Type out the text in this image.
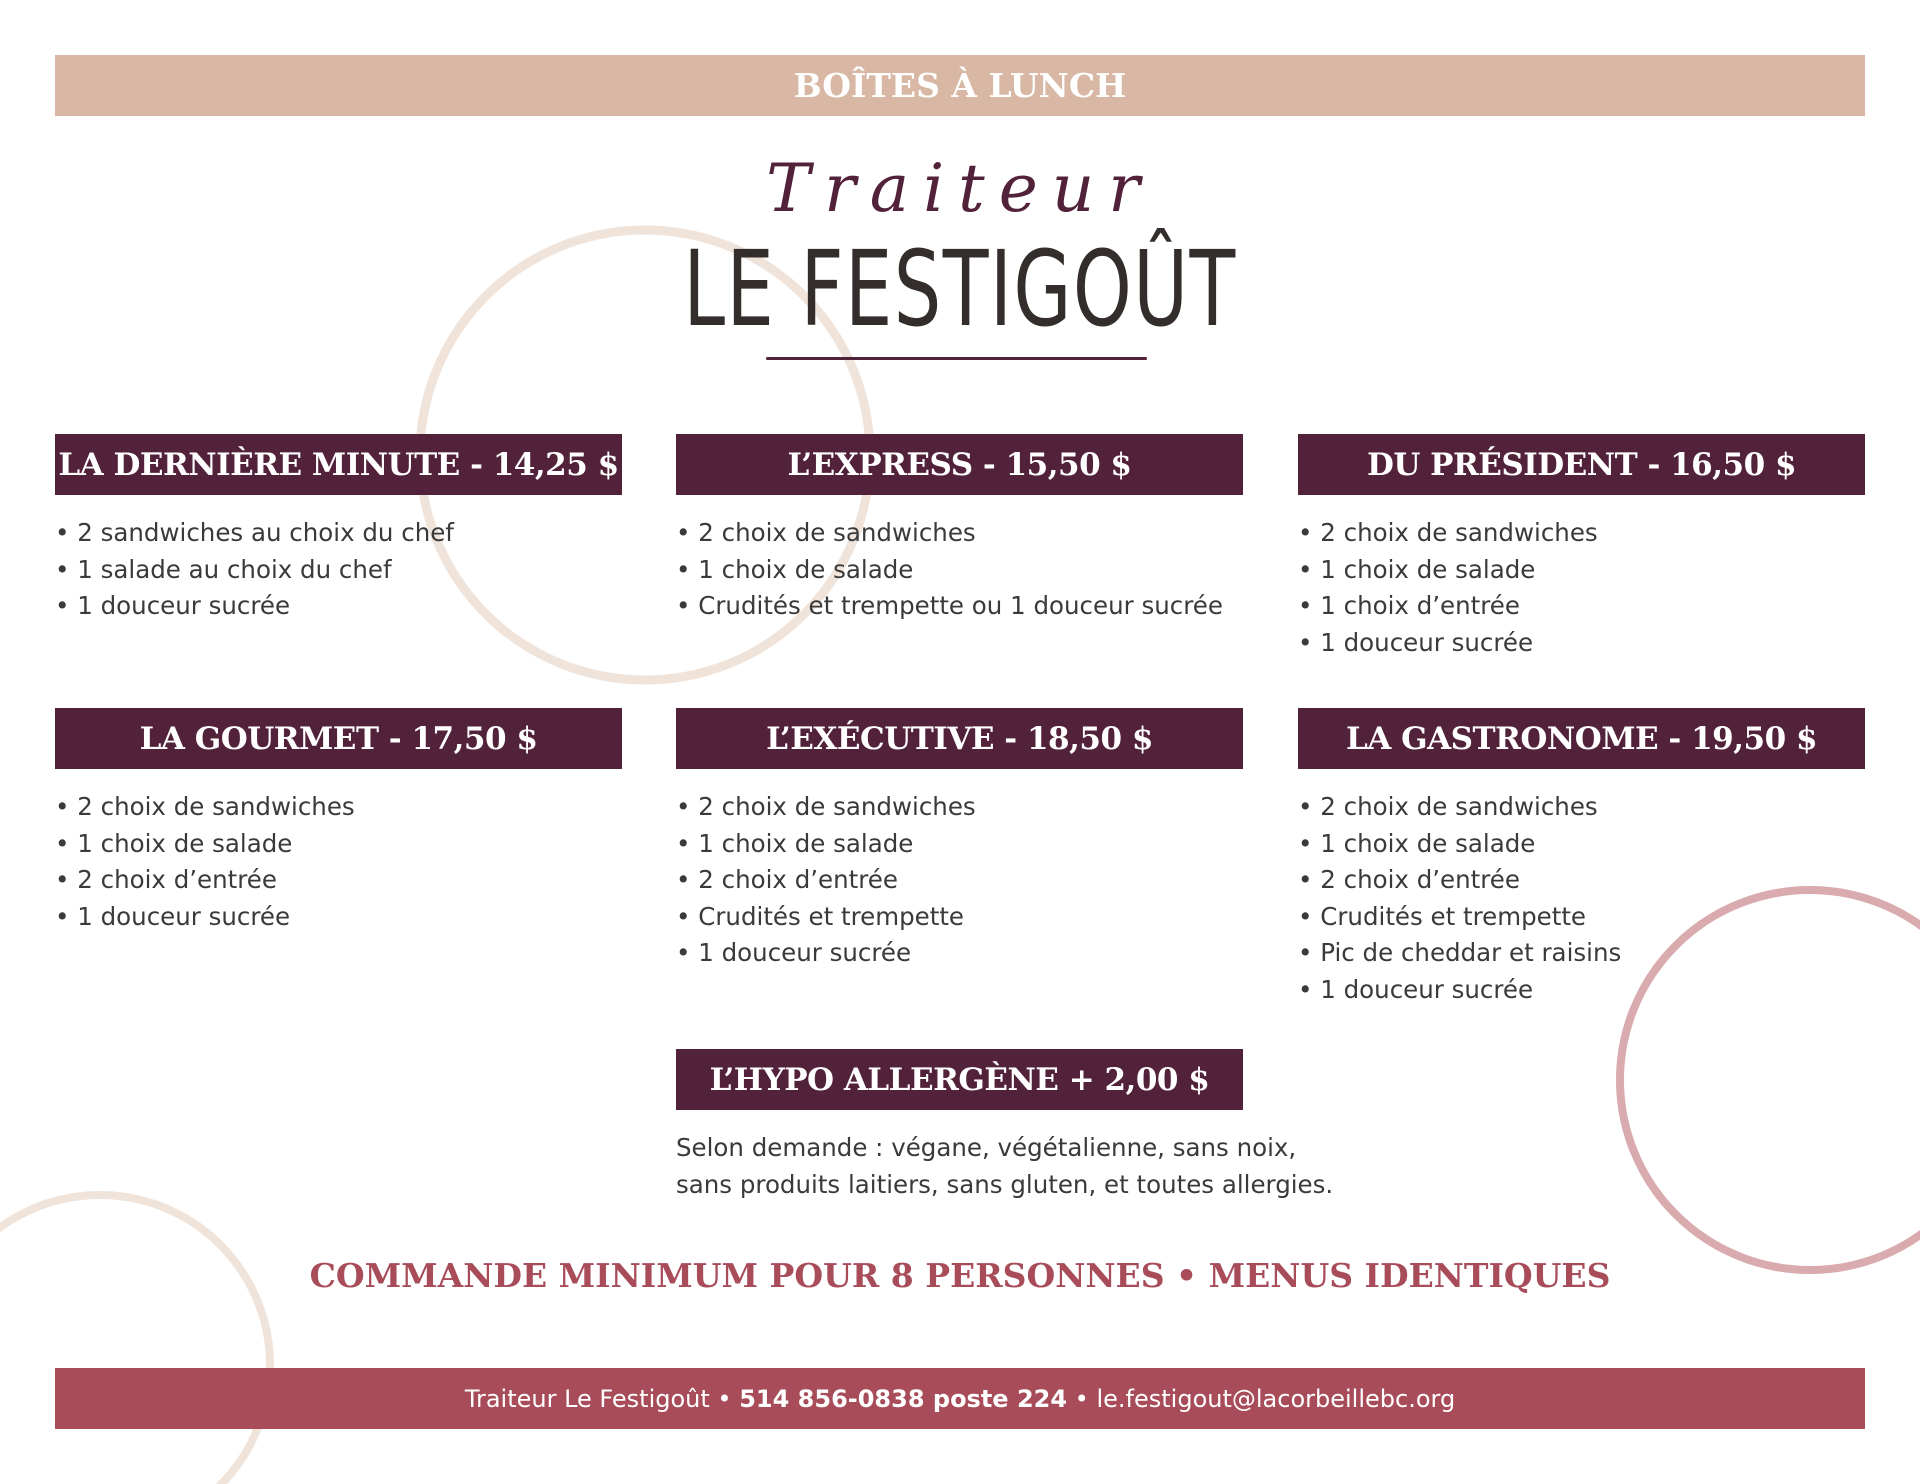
BOÎTES À LUNCH
Traiteur
LE FESTIGOÛT
LA DERNIÈRE MINUTE - 14,25 $
• 2 sandwiches au choix du chef
• 1 salade au choix du chef
• 1 douceur sucrée
L’EXPRESS - 15,50 $
• 2 choix de sandwiches
• 1 choix de salade
• Crudités et trempette ou 1 douceur sucrée
DU PRÉSIDENT - 16,50 $
• 2 choix de sandwiches
• 1 choix de salade
• 1 choix d’entrée
• 1 douceur sucrée
LA GOURMET - 17,50 $
• 2 choix de sandwiches
• 1 choix de salade
• 2 choix d’entrée
• 1 douceur sucrée
L’EXÉCUTIVE - 18,50 $
• 2 choix de sandwiches
• 1 choix de salade
• 2 choix d’entrée
• Crudités et trempette
• 1 douceur sucrée
LA GASTRONOME - 19,50 $
• 2 choix de sandwiches
• 1 choix de salade
• 2 choix d’entrée
• Crudités et trempette
• Pic de cheddar et raisins
• 1 douceur sucrée
L’HYPO ALLERGÈNE + 2,00 $
Selon demande : végane, végétalienne, sans noix,
sans produits laitiers, sans gluten, et toutes allergies.
COMMANDE MINIMUM POUR 8 PERSONNES • MENUS IDENTIQUES
Traiteur Le Festigoût • 514 856-0838 poste 224 • le.festigout@lacorbeillebc.org
